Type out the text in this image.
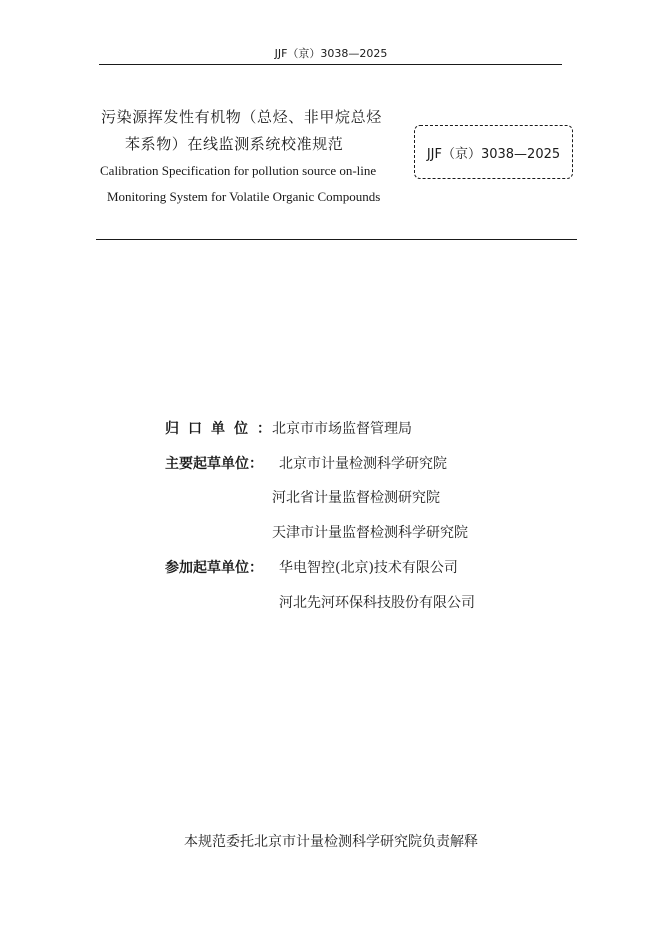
JJF（京）3038—2025
污染源挥发性有机物（总烃、非甲烷总烃
苯系物）在线监测系统校准规范
Calibration Specification for pollution source on-line
Monitoring System for Volatile Organic Compounds
JJF（京）3038—2025
归口单位：
北京市市场监督管理局
主要起草单位： 北京市计量检测科学研究院
河北省计量监督检测研究院
天津市计量监督检测科学研究院
参加起草单位： 华电智控(北京)技术有限公司
河北先河环保科技股份有限公司
本规范委托北京市计量检测科学研究院负责解释
